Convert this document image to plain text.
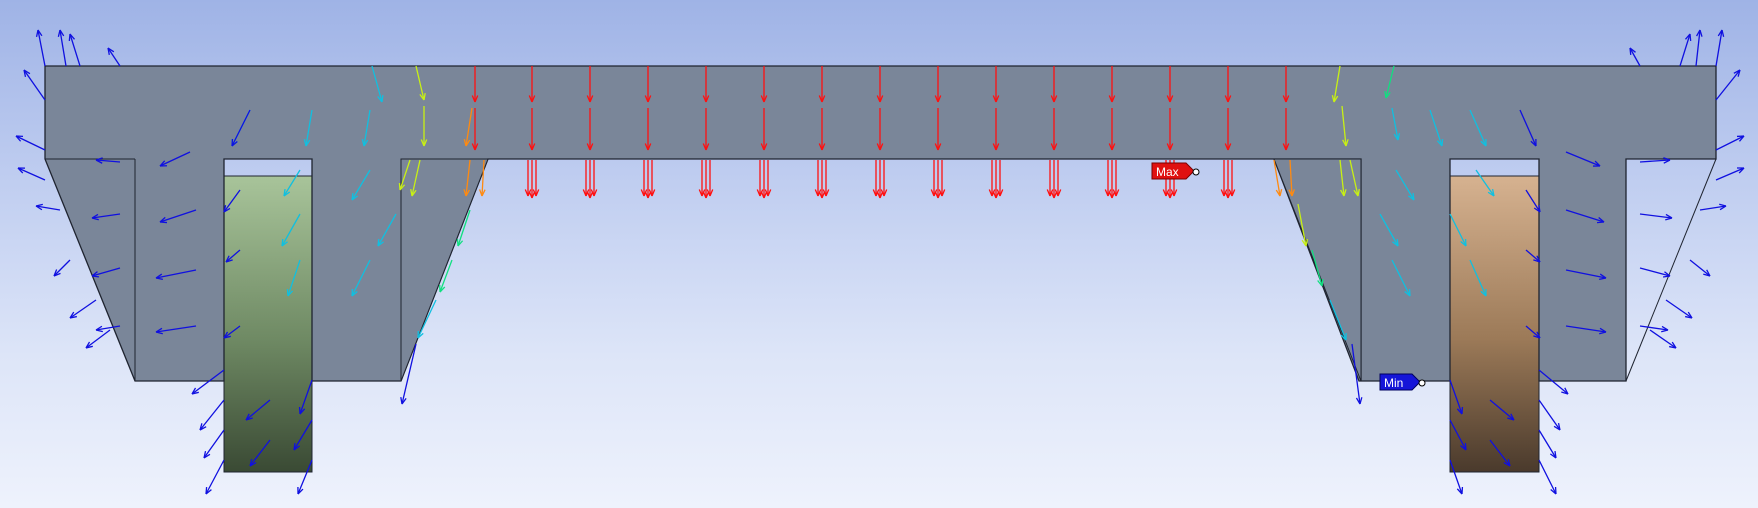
Max
Min
